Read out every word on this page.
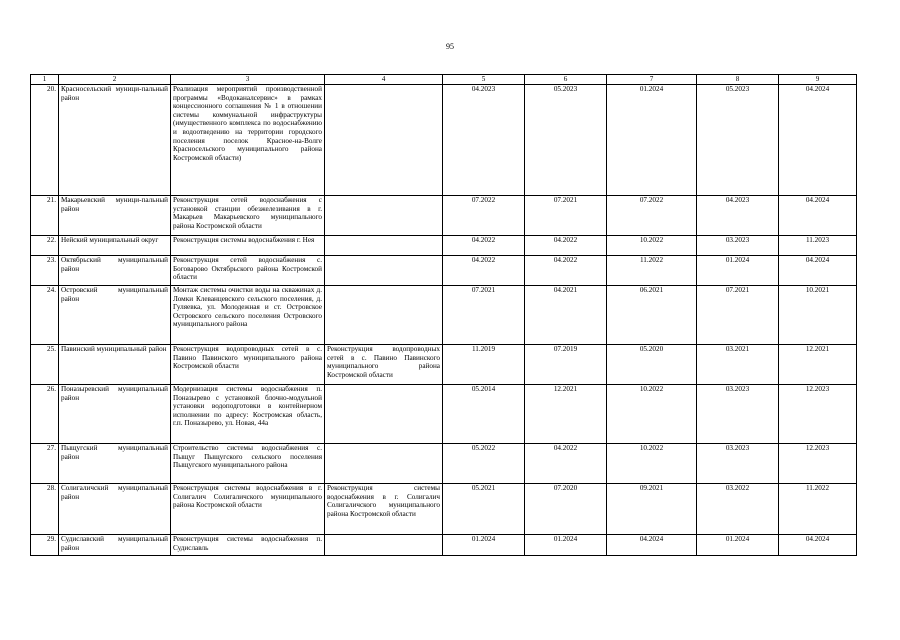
95
1	2	3	4	5	6	7	8	9
20.	Красносельский муници-пальный район	Реализация мероприятий производственной программы «Водоканалсервис» в рамках концессионного соглашения № 1 в отношении системы коммунальной инфраструктуры (имущественного комплекса по водоснабжению и водоотведению на территории городского поселения поселок Красное-на-Волге Красносельского муниципального района Костромской области)		04.2023	05.2023	01.2024	05.2023	04.2024
21.	Макарьевский муници-пальный район	Реконструкция сетей водоснабжения с установкой станции обезжелезивания в г. Макарьев Макарьевского муниципального района Костромской области		07.2022	07.2021	07.2022	04.2023	04.2024
22.	Нейский муниципальный округ	Реконструкция системы водоснабжения г. Нея		04.2022	04.2022	10.2022	03.2023	11.2023
23.	Октябрьский муниципальный район	Реконструкция сетей водоснабжения с. Боговарово Октябрьского района Костромской области		04.2022	04.2022	11.2022	01.2024	04.2024
24.	Островский муниципальный район	Монтаж системы очистки воды на скважинах д. Ломки Клеванцевского сельского поселения, д. Гуляевка, ул. Молодежная и ст. Островское Островского сельского поселения Островского муниципального района		07.2021	04.2021	06.2021	07.2021	10.2021
25.	Павинский муниципальный район	Реконструкция водопроводных сетей в с. Павино Павинского муниципального района Костромской области	Реконструкция водопроводных сетей в с. Павино Павинского муниципального района Костромской области	11.2019	07.2019	05.2020	03.2021	12.2021
26.	Поназыревский муниципальный район	Модернизация системы водоснабжения п. Поназырево с установкой блочно-модульной установки водоподготовки в контейнерном исполнении по адресу: Костромская область, г.п. Поназырево, ул. Новая, 44а		05.2014	12.2021	10.2022	03.2023	12.2023
27.	Пыщугский муниципальный район	Строительство системы водоснабжения с. Пыщуг Пыщугского сельского поселения Пыщугского муниципального района		05.2022	04.2022	10.2022	03.2023	12.2023
28.	Солигаличский муниципальный район	Реконструкция системы водоснабжения в г. Солигалич Солигаличского муниципального района Костромской области	Реконструкция системы водоснабжения в г. Солигалич Солигаличского муниципального района Костромской области	05.2021	07.2020	09.2021	03.2022	11.2022
29.	Судиславский муниципальный район	Реконструкция системы водоснабжения п. Судиславль		01.2024	01.2024	04.2024	01.2024	04.2024
